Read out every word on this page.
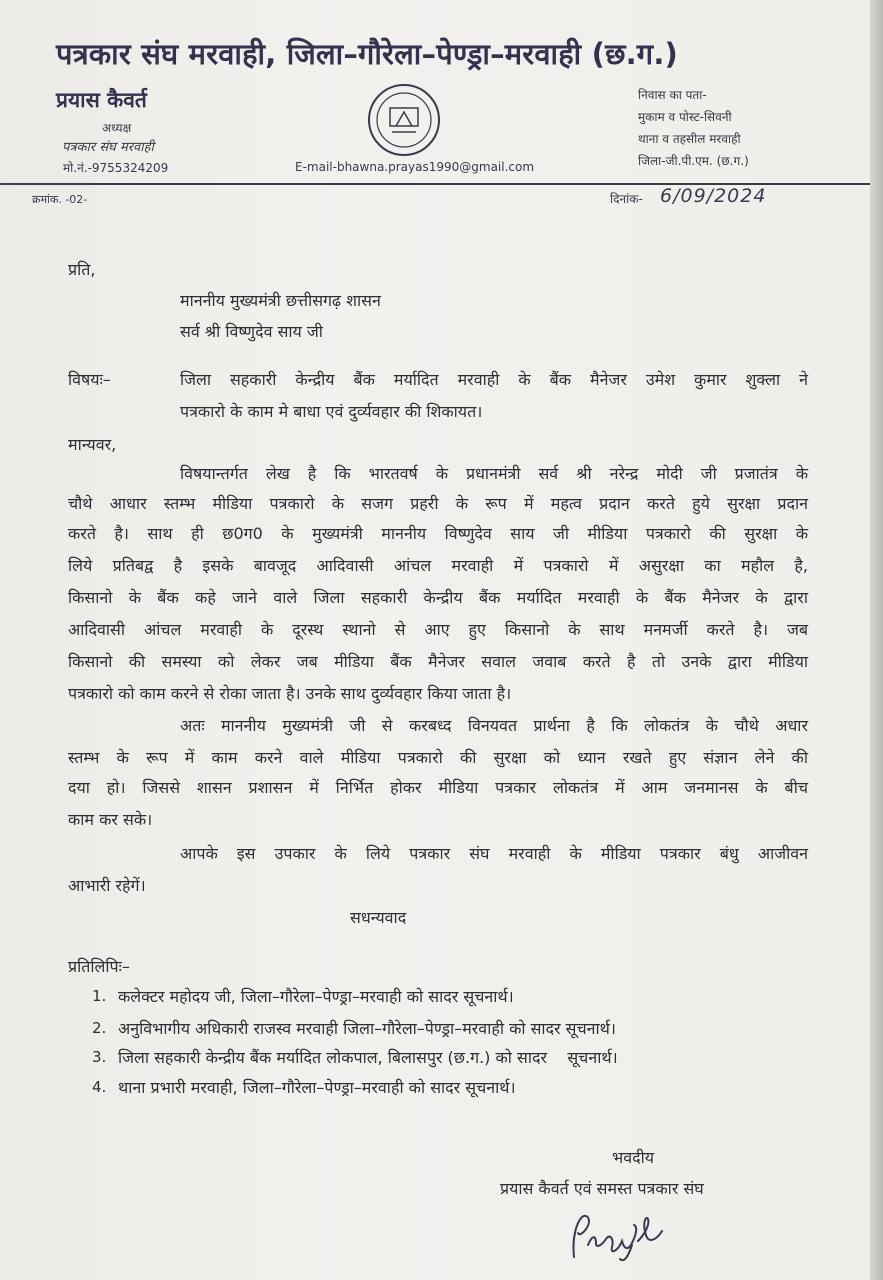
पत्रकार संघ मरवाही, जिला–गौरेला–पेण्ड्रा–मरवाही (छ.ग.)
प्रयास कैवर्त
अध्यक्ष
पत्रकार संघ मरवाही
मो.नं.-9755324209	E-mail-bhawna.prayas1990@gmail.com
निवास का पता-
मुकाम व पोस्ट-सिवनी
थाना व तहसील मरवाही
जिला-जी.पी.एम. (छ.ग.)
क्रमांक. -02-	दिनांक- 6/09/2024
प्रति,
माननीय मुख्यमंत्री छत्तीसगढ़ शासन
सर्व श्री विष्णुदेव साय जी
विषयः–	जिला सहकारी केन्द्रीय बैंक मर्यादित मरवाही के बैंक मैनेजर उमेश कुमार शुक्ला ने
पत्रकारो के काम मे बाधा एवं दुर्व्यवहार की शिकायत।
मान्यवर,
विषयान्तर्गत लेख है कि भारतवर्ष के प्रधानमंत्री सर्व श्री नरेन्द्र मोदी जी प्रजातंत्र के
चौथे आधार स्तम्भ मीडिया पत्रकारो के सजग प्रहरी के रूप में महत्व प्रदान करते हुये सुरक्षा प्रदान
करते है। साथ ही छ0ग0 के मुख्यमंत्री माननीय विष्णुदेव साय जी मीडिया पत्रकारो की सुरक्षा के
लिये प्रतिबद्व है इसके बावजूद आदिवासी आंचल मरवाही में पत्रकारो में असुरक्षा का महौल है,
किसानो के बैंक कहे जाने वाले जिला सहकारी केन्द्रीय बैंक मर्यादित मरवाही के बैंक मैनेजर के द्वारा
आदिवासी आंचल मरवाही के दूरस्थ स्थानो से आए हुए किसानो के साथ मनमर्जी करते है। जब
किसानो की समस्या को लेकर जब मीडिया बैंक मैनेजर सवाल जवाब करते है तो उनके द्वारा मीडिया
पत्रकारो को काम करने से रोका जाता है। उनके साथ दुर्व्यवहार किया जाता है।
अतः माननीय मुख्यमंत्री जी से करबध्द विनयवत प्रार्थना है कि लोकतंत्र के चौथे अधार
स्तम्भ के रूप में काम करने वाले मीडिया पत्रकारो की सुरक्षा को ध्यान रखते हुए संज्ञान लेने की
दया हो। जिससे शासन प्रशासन में निर्भित होकर मीडिया पत्रकार लोकतंत्र में आम जनमानस के बीच
काम कर सके।
आपके इस उपकार के लिये पत्रकार संघ मरवाही के मीडिया पत्रकार बंधु आजीवन
आभारी रहेगें।
सधन्यवाद
प्रतिलिपिः–
1. कलेक्टर महोदय जी, जिला–गौरेला–पेण्ड्रा–मरवाही को सादर सूचनार्थ।
2. अनुविभागीय अधिकारी राजस्व मरवाही जिला–गौरेला–पेण्ड्रा–मरवाही को सादर सूचनार्थ।
3. जिला सहकारी केन्द्रीय बैंक मर्यादित लोकपाल, बिलासपुर (छ.ग.) को सादर    सूचनार्थ।
4. थाना प्रभारी मरवाही, जिला–गौरेला–पेण्ड्रा–मरवाही को सादर सूचनार्थ।
भवदीय
प्रयास कैवर्त एवं समस्त पत्रकार संघ
